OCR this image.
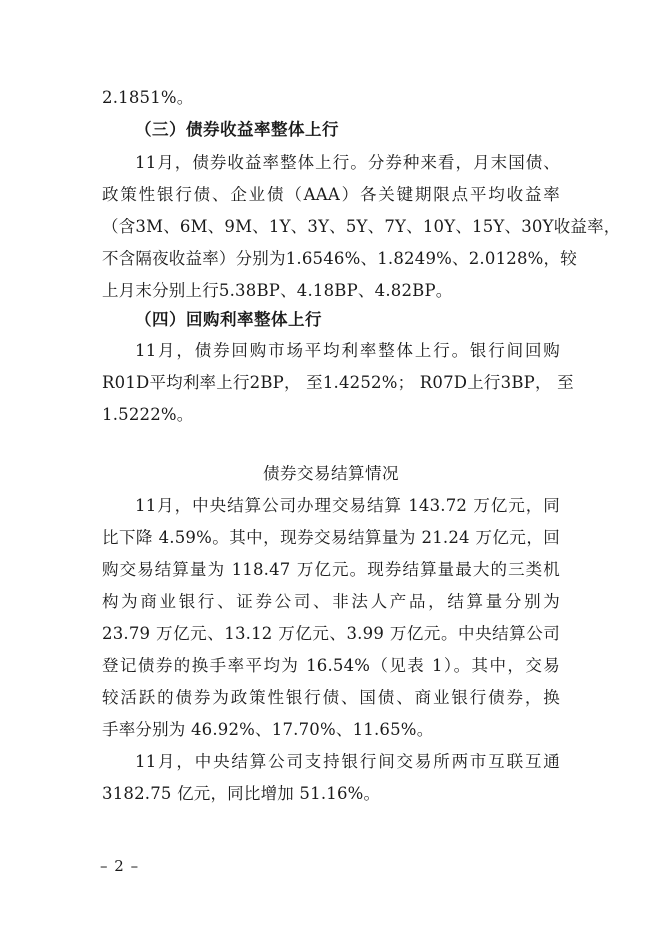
2.1851%。
（三）债券收益率整体上行
11月，债券收益率整体上行。分券种来看，月末国债、
政策性银行债、企业债（AAA）各关键期限点平均收益率
（含3M、6M、9M、1Y、3Y、5Y、7Y、10Y、15Y、30Y收益率，
不含隔夜收益率）分别为1.6546%、1.8249%、2.0128%，较
上月末分别上行5.38BP、4.18BP、4.82BP。
（四）回购利率整体上行
11月，债券回购市场平均利率整体上行。银行间回购
R01D平均利率上行2BP， 至1.4252%； R07D上行3BP， 至
1.5222%。
债券交易结算情况
11月，中央结算公司办理交易结算 143.72 万亿元，同
比下降 4.59%。其中，现券交易结算量为 21.24 万亿元，回
购交易结算量为 118.47 万亿元。现券结算量最大的三类机
构为商业银行、证券公司、非法人产品，结算量分别为
23.79 万亿元、13.12 万亿元、3.99 万亿元。中央结算公司
登记债券的换手率平均为 16.54%（见表 1）。其中，交易
较活跃的债券为政策性银行债、国债、商业银行债券，换
手率分别为 46.92%、17.70%、11.65%。
11月，中央结算公司支持银行间交易所两市互联互通
3182.75 亿元，同比增加 51.16%。
– 2 –
